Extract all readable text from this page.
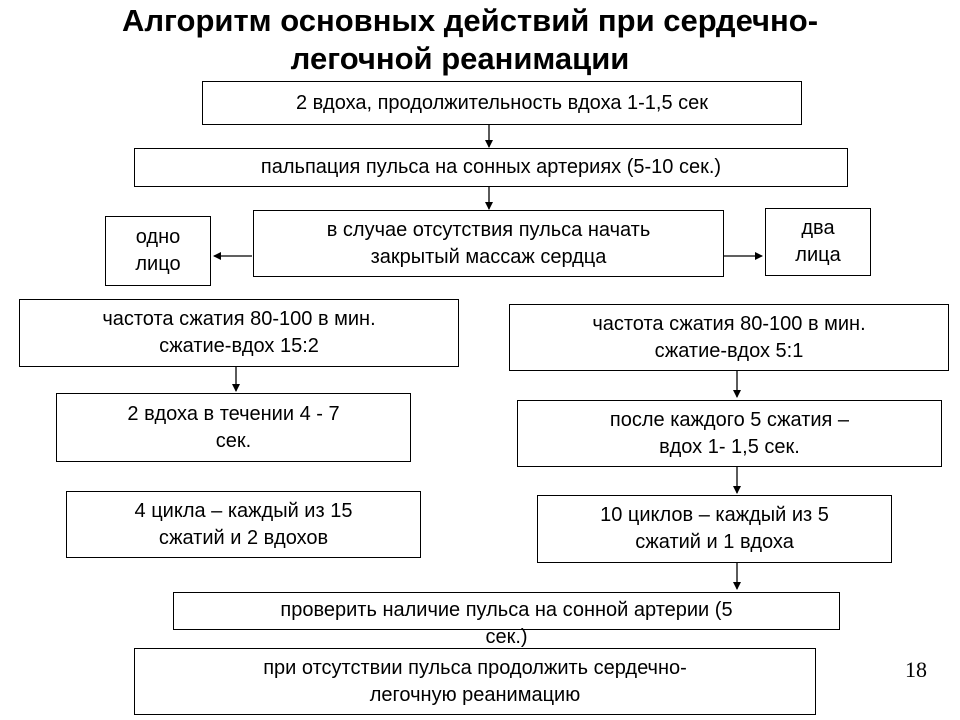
Алгоритм основных действий при сердечно-
легочной реанимации
2 вдоха, продолжительность вдоха 1-1,5 сек
пальпация пульса на сонных артериях (5-10 сек.)
в случае отсутствия пульса начать
закрытый массаж сердца
одно
лицо
два
лица
частота сжатия 80-100 в мин.
сжатие-вдох 15:2
частота сжатия 80-100 в мин.
сжатие-вдох 5:1
2 вдоха в течении 4 - 7
сек.
после каждого 5 сжатия –
вдох 1- 1,5 сек.
4 цикла – каждый из 15
сжатий и 2 вдохов
10 циклов – каждый из 5
сжатий и 1 вдоха
проверить наличие пульса на сонной артерии (5
сек.)
при отсутствии пульса продолжить сердечно-
легочную реанимацию
18
